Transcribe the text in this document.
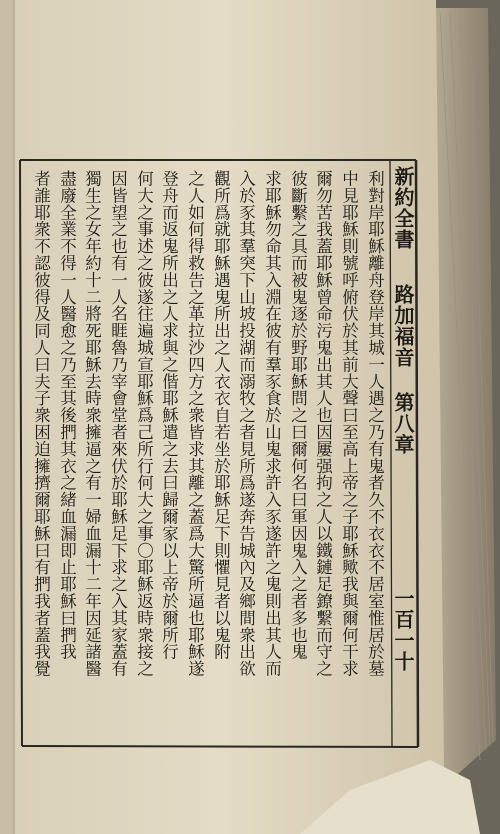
新約全書
路加福音
第八章
一百一十
利對岸耶穌離舟登岸其城一人遇之乃有鬼者久不衣衣不居室惟居於墓
中見耶穌則號呼俯伏於其前大聲曰至高上帝之子耶穌歟我與爾何干求
爾勿苦我蓋耶穌曾命污鬼出其人也因屢强拘之人以鐵鏈足鐐繫而守之
彼斷繫之具而被鬼逐於野耶穌問之曰爾何名曰軍因鬼入之者多也鬼
求耶穌勿命其入淵在彼有羣豕食於山鬼求許入豕遂許之鬼則出其人而
入於豕其羣突下山坡投湖而溺牧之者見所爲遂奔告城內及鄉間衆出欲
觀所爲就耶穌遇鬼所出之人衣衣自若坐於耶穌足下則懼見者以鬼附
之人如何得救告之革拉沙四方之衆皆求其離之蓋爲大驚所逼也耶穌遂
登舟而返鬼所出之人求與之偕耶穌遣之去曰歸爾家以上帝於爾所行
何大之事述之彼遂往遍城宣耶穌爲己所行何大之事〇耶穌返時衆接之
因皆望之也有一人名睚魯乃宰會堂者來伏於耶穌足下求之入其家蓋有
獨生之女年約十二將死耶穌去時衆擁逼之有一婦血漏十二年因延諸醫
盡廢全業不得一人醫愈之乃至其後捫其衣之緒血漏即止耶穌曰捫我
者誰耶衆不認彼得及同人曰夫子衆困迫擁擠爾耶穌曰有捫我者蓋我覺
